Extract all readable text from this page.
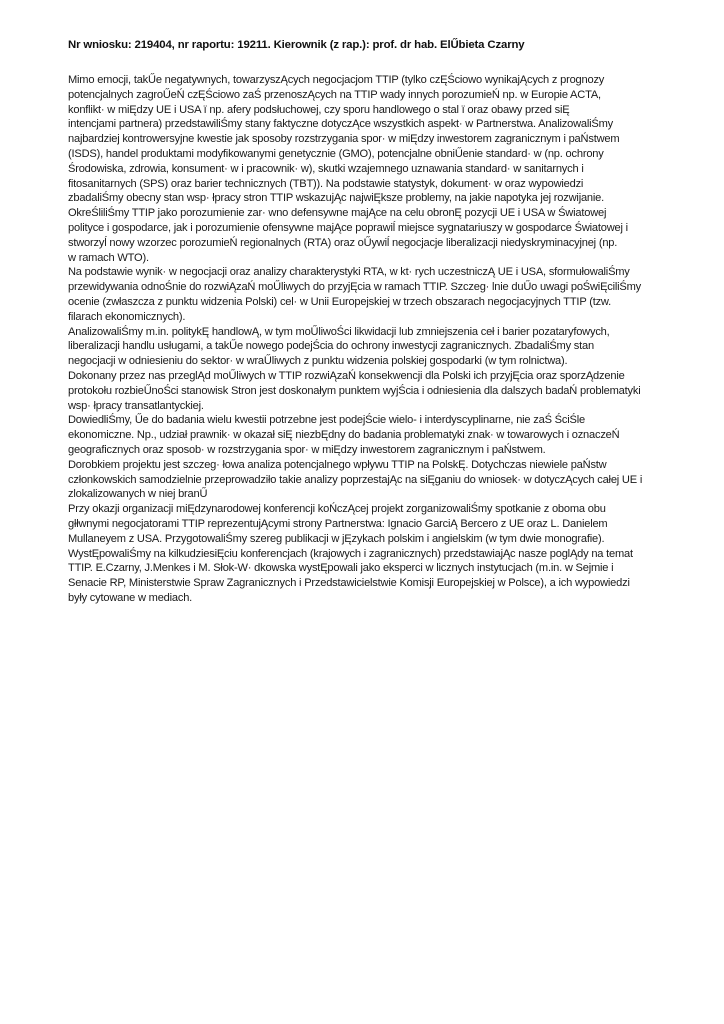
Nr wniosku: 219404, nr raportu: 19211. Kierownik (z rap.): prof. dr hab. ElŰbieta Czarny
Mimo emocji, takŰe negatywnych, towarzyszĄcych negocjacjom TTIP (tylko czĘŚciowo wynikajĄcych z prognozy
potencjalnych zagroŰeŃ czĘŚciowo zaŚ przenoszĄcych na TTIP wady innych porozumieŃ np. w Europie ACTA,
konflikt· w miĘdzy UE i USA ï np. afery podsłuchowej, czy sporu handlowego o stal ï oraz obawy przed siĘ
intencjami partnera) przedstawiliŚmy stany faktyczne dotyczĄce wszystkich aspekt· w Partnerstwa. AnalizowaliŚmy
najbardziej kontrowersyjne kwestie jak sposoby rozstrzygania spor· w miĘdzy inwestorem zagranicznym i paŃstwem
(ISDS), handel produktami modyfikowanymi genetycznie (GMO), potencjalne obniŰenie standard· w (np. ochrony
Środowiska, zdrowia, konsument· w i pracownik· w), skutki wzajemnego uznawania standard· w sanitarnych i
fitosanitarnych (SPS) oraz barier technicznych (TBT)). Na podstawie statystyk, dokument· w oraz wypowiedzi
zbadaliŚmy obecny stan wsp· łpracy stron TTIP wskazujĄc najwiĘksze problemy, na jakie napotyka jej rozwijanie.
OkreŚliliŚmy TTIP jako porozumienie zar· wno defensywne majĄce na celu obronĘ pozycji UE i USA w Światowej
polityce i gospodarce, jak i porozumienie ofensywne majĄce poprawiĺ miejsce sygnatariuszy w gospodarce Światowej i
stworzyĺ nowy wzorzec porozumieŃ regionalnych (RTA) oraz oŰywiĺ negocjacje liberalizacji niedyskryminacyjnej (np.
w ramach WTO).
Na podstawie wynik· w negocjacji oraz analizy charakterystyki RTA, w kt· rych uczestniczĄ UE i USA, sformułowaliŚmy
przewidywania odnoŚnie do rozwiĄzaŃ moŰliwych do przyjĘcia w ramach TTIP. Szczeg· lnie duŰo uwagi poŚwiĘciliŚmy
ocenie (zwłaszcza z punktu widzenia Polski) cel· w Unii Europejskiej w trzech obszarach negocjacyjnych TTIP (tzw.
filarach ekonomicznych).
AnalizowaliŚmy m.in. politykĘ handlowĄ, w tym moŰliwoŚci likwidacji lub zmniejszenia ceł i barier pozataryfowych,
liberalizacji handlu usługami, a takŰe nowego podejŚcia do ochrony inwestycji zagranicznych. ZbadaliŚmy stan
negocjacji w odniesieniu do sektor· w wraŰliwych z punktu widzenia polskiej gospodarki (w tym rolnictwa).
Dokonany przez nas przeglĄd moŰliwych w TTIP rozwiĄzaŃ konsekwencji dla Polski ich przyjĘcia oraz sporzĄdzenie
protokołu rozbieŰnoŚci stanowisk Stron jest doskonałym punktem wyjŚcia i odniesienia dla dalszych badaŃ problematyki
wsp· łpracy transatlantyckiej.
DowiedliŚmy, Űe do badania wielu kwestii potrzebne jest podejŚcie wielo- i interdyscyplinarne, nie zaŚ ŚciŚle
ekonomiczne. Np., udział prawnik· w okazał siĘ niezbĘdny do badania problematyki znak· w towarowych i oznaczeŃ
geograficznych oraz sposob· w rozstrzygania spor· w miĘdzy inwestorem zagranicznym i paŃstwem.
Dorobkiem projektu jest szczeg· łowa analiza potencjalnego wpływu TTIP na PolskĘ. Dotychczas niewiele paŃstw
członkowskich samodzielnie przeprowadziło takie analizy poprzestajĄc na siĘganiu do wniosek· w dotyczĄcych całej UE i
zlokalizowanych w niej branŰ
Przy okazji organizacji miĘdzynarodowej konferencji koŃczĄcej projekt zorganizowaliŚmy spotkanie z oboma obu
głłwnymi negocjatorami TTIP reprezentujĄcymi strony Partnerstwa: Ignacio GarciĄ Bercero z UE oraz L. Danielem
Mullaneyem z USA. PrzygotowaliŚmy szereg publikacji w jĘzykach polskim i angielskim (w tym dwie monografie).
WystĘpowaliŚmy na kilkudziesiĘciu konferencjach (krajowych i zagranicznych) przedstawiajĄc nasze poglĄdy na temat
TTIP. E.Czarny, J.Menkes i M. Słok-W· dkowska wystĘpowali jako eksperci w licznych instytucjach (m.in. w Sejmie i
Senacie RP, Ministerstwie Spraw Zagranicznych i Przedstawicielstwie Komisji Europejskiej w Polsce), a ich wypowiedzi
były cytowane w mediach.
